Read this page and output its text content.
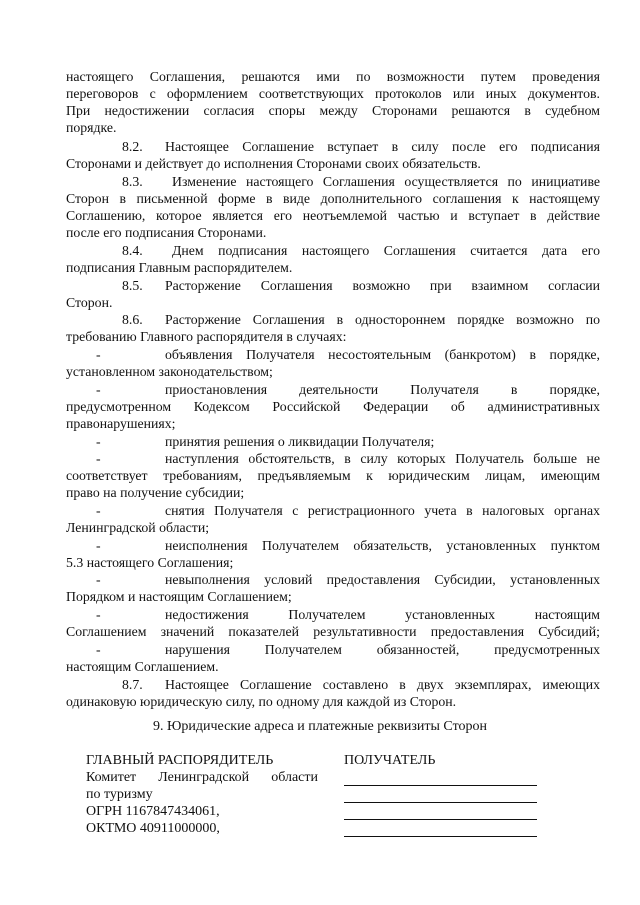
настоящего Соглашения, решаются ими по возможности путем проведения
переговоров с оформлением соответствующих протоколов или иных документов.
При недостижении согласия споры между Сторонами решаются в судебном
порядке.
8.2. Настоящее Соглашение вступает в силу после его подписания
Сторонами и действует до исполнения Сторонами своих обязательств.
8.3. Изменение настоящего Соглашения осуществляется по инициативе
Сторон в письменной форме в виде дополнительного соглашения к настоящему
Соглашению, которое является его неотъемлемой частью и вступает в действие
после его подписания Сторонами.
8.4. Днем подписания настоящего Соглашения считается дата его
подписания Главным распорядителем.
8.5. Расторжение Соглашения возможно при взаимном согласии
Сторон.
8.6. Расторжение Соглашения в одностороннем порядке возможно по
требованию Главного распорядителя в случаях:
-	объявления Получателя несостоятельным (банкротом) в порядке,
установленном законодательством;
-	приостановления деятельности Получателя в порядке,
предусмотренном Кодексом Российской Федерации об административных
правонарушениях;
-	принятия решения о ликвидации Получателя;
-	наступления обстоятельств, в силу которых Получатель больше не
соответствует требованиям, предъявляемым к юридическим лицам, имеющим
право на получение субсидии;
-	снятия Получателя с регистрационного учета в налоговых органах
Ленинградской области;
-	неисполнения Получателем обязательств, установленных пунктом
5.3 настоящего Соглашения;
-	невыполнения условий предоставления Субсидии, установленных
Порядком и настоящим Соглашением;
-	недостижения Получателем установленных настоящим
Соглашением значений показателей результативности предоставления Субсидий;
-	нарушения Получателем обязанностей, предусмотренных
настоящим Соглашением.
8.7. Настоящее Соглашение составлено в двух экземплярах, имеющих
одинаковую юридическую силу, по одному для каждой из Сторон.
9. Юридические адреса и платежные реквизиты Сторон
ГЛАВНЫЙ РАСПОРЯДИТЕЛЬ
Комитет Ленинградской области
по туризму
ОГРН 1167847434061,
ОКТМО 40911000000,
ПОЛУЧАТЕЛЬ
